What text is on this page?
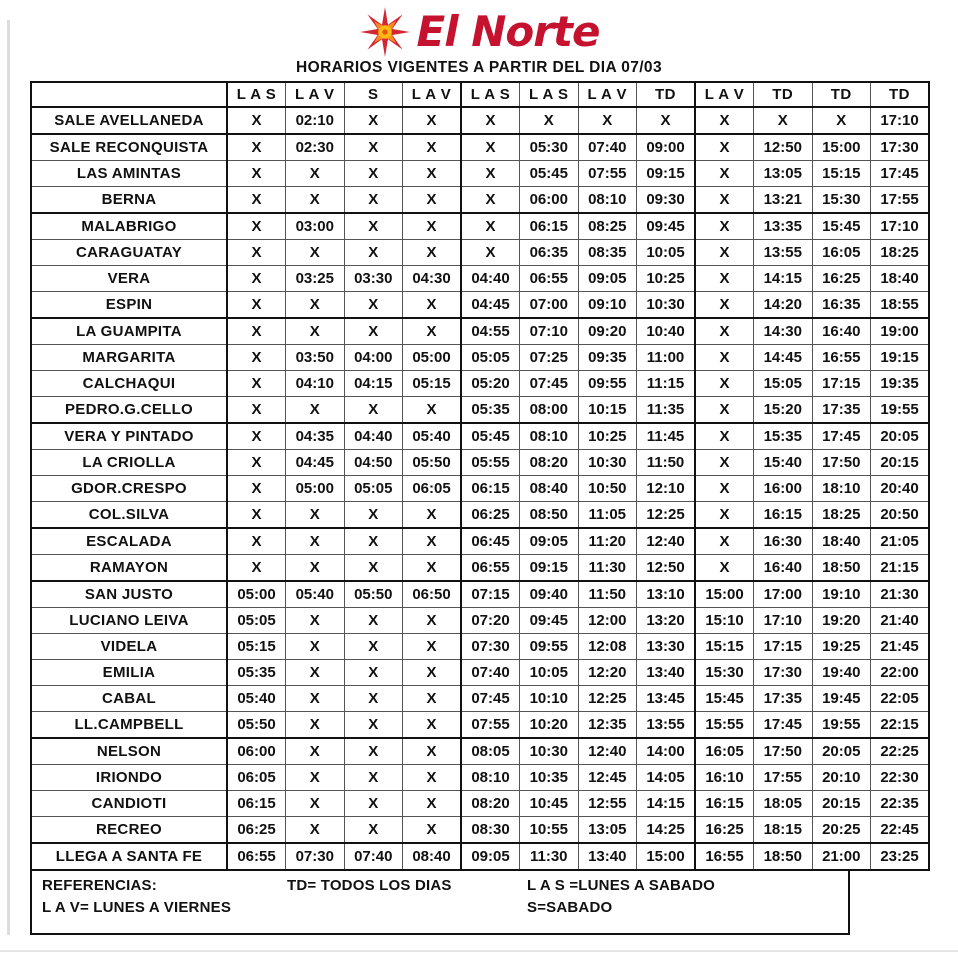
El Norte
HORARIOS VIGENTES A PARTIR DEL DIA 07/03
	L A S	L A V	S	L A V	L A S	L A S	L A V	TD	L A V	TD	TD	TD
SALE AVELLANEDA	X	02:10	X	X	X	X	X	X	X	X	X	17:10
SALE RECONQUISTA	X	02:30	X	X	X	05:30	07:40	09:00	X	12:50	15:00	17:30
LAS AMINTAS	X	X	X	X	X	05:45	07:55	09:15	X	13:05	15:15	17:45
BERNA	X	X	X	X	X	06:00	08:10	09:30	X	13:21	15:30	17:55
MALABRIGO	X	03:00	X	X	X	06:15	08:25	09:45	X	13:35	15:45	17:10
CARAGUATAY	X	X	X	X	X	06:35	08:35	10:05	X	13:55	16:05	18:25
VERA	X	03:25	03:30	04:30	04:40	06:55	09:05	10:25	X	14:15	16:25	18:40
ESPIN	X	X	X	X	04:45	07:00	09:10	10:30	X	14:20	16:35	18:55
LA GUAMPITA	X	X	X	X	04:55	07:10	09:20	10:40	X	14:30	16:40	19:00
MARGARITA	X	03:50	04:00	05:00	05:05	07:25	09:35	11:00	X	14:45	16:55	19:15
CALCHAQUI	X	04:10	04:15	05:15	05:20	07:45	09:55	11:15	X	15:05	17:15	19:35
PEDRO.G.CELLO	X	X	X	X	05:35	08:00	10:15	11:35	X	15:20	17:35	19:55
VERA Y PINTADO	X	04:35	04:40	05:40	05:45	08:10	10:25	11:45	X	15:35	17:45	20:05
LA CRIOLLA	X	04:45	04:50	05:50	05:55	08:20	10:30	11:50	X	15:40	17:50	20:15
GDOR.CRESPO	X	05:00	05:05	06:05	06:15	08:40	10:50	12:10	X	16:00	18:10	20:40
COL.SILVA	X	X	X	X	06:25	08:50	11:05	12:25	X	16:15	18:25	20:50
ESCALADA	X	X	X	X	06:45	09:05	11:20	12:40	X	16:30	18:40	21:05
RAMAYON	X	X	X	X	06:55	09:15	11:30	12:50	X	16:40	18:50	21:15
SAN JUSTO	05:00	05:40	05:50	06:50	07:15	09:40	11:50	13:10	15:00	17:00	19:10	21:30
LUCIANO LEIVA	05:05	X	X	X	07:20	09:45	12:00	13:20	15:10	17:10	19:20	21:40
VIDELA	05:15	X	X	X	07:30	09:55	12:08	13:30	15:15	17:15	19:25	21:45
EMILIA	05:35	X	X	X	07:40	10:05	12:20	13:40	15:30	17:30	19:40	22:00
CABAL	05:40	X	X	X	07:45	10:10	12:25	13:45	15:45	17:35	19:45	22:05
LL.CAMPBELL	05:50	X	X	X	07:55	10:20	12:35	13:55	15:55	17:45	19:55	22:15
NELSON	06:00	X	X	X	08:05	10:30	12:40	14:00	16:05	17:50	20:05	22:25
IRIONDO	06:05	X	X	X	08:10	10:35	12:45	14:05	16:10	17:55	20:10	22:30
CANDIOTI	06:15	X	X	X	08:20	10:45	12:55	14:15	16:15	18:05	20:15	22:35
RECREO	06:25	X	X	X	08:30	10:55	13:05	14:25	16:25	18:15	20:25	22:45
LLEGA A SANTA FE	06:55	07:30	07:40	08:40	09:05	11:30	13:40	15:00	16:55	18:50	21:00	23:25
REFERENCIAS:	TD= TODOS LOS DIAS	L A S =LUNES A SABADO
L A V= LUNES A VIERNES	S=SABADO
